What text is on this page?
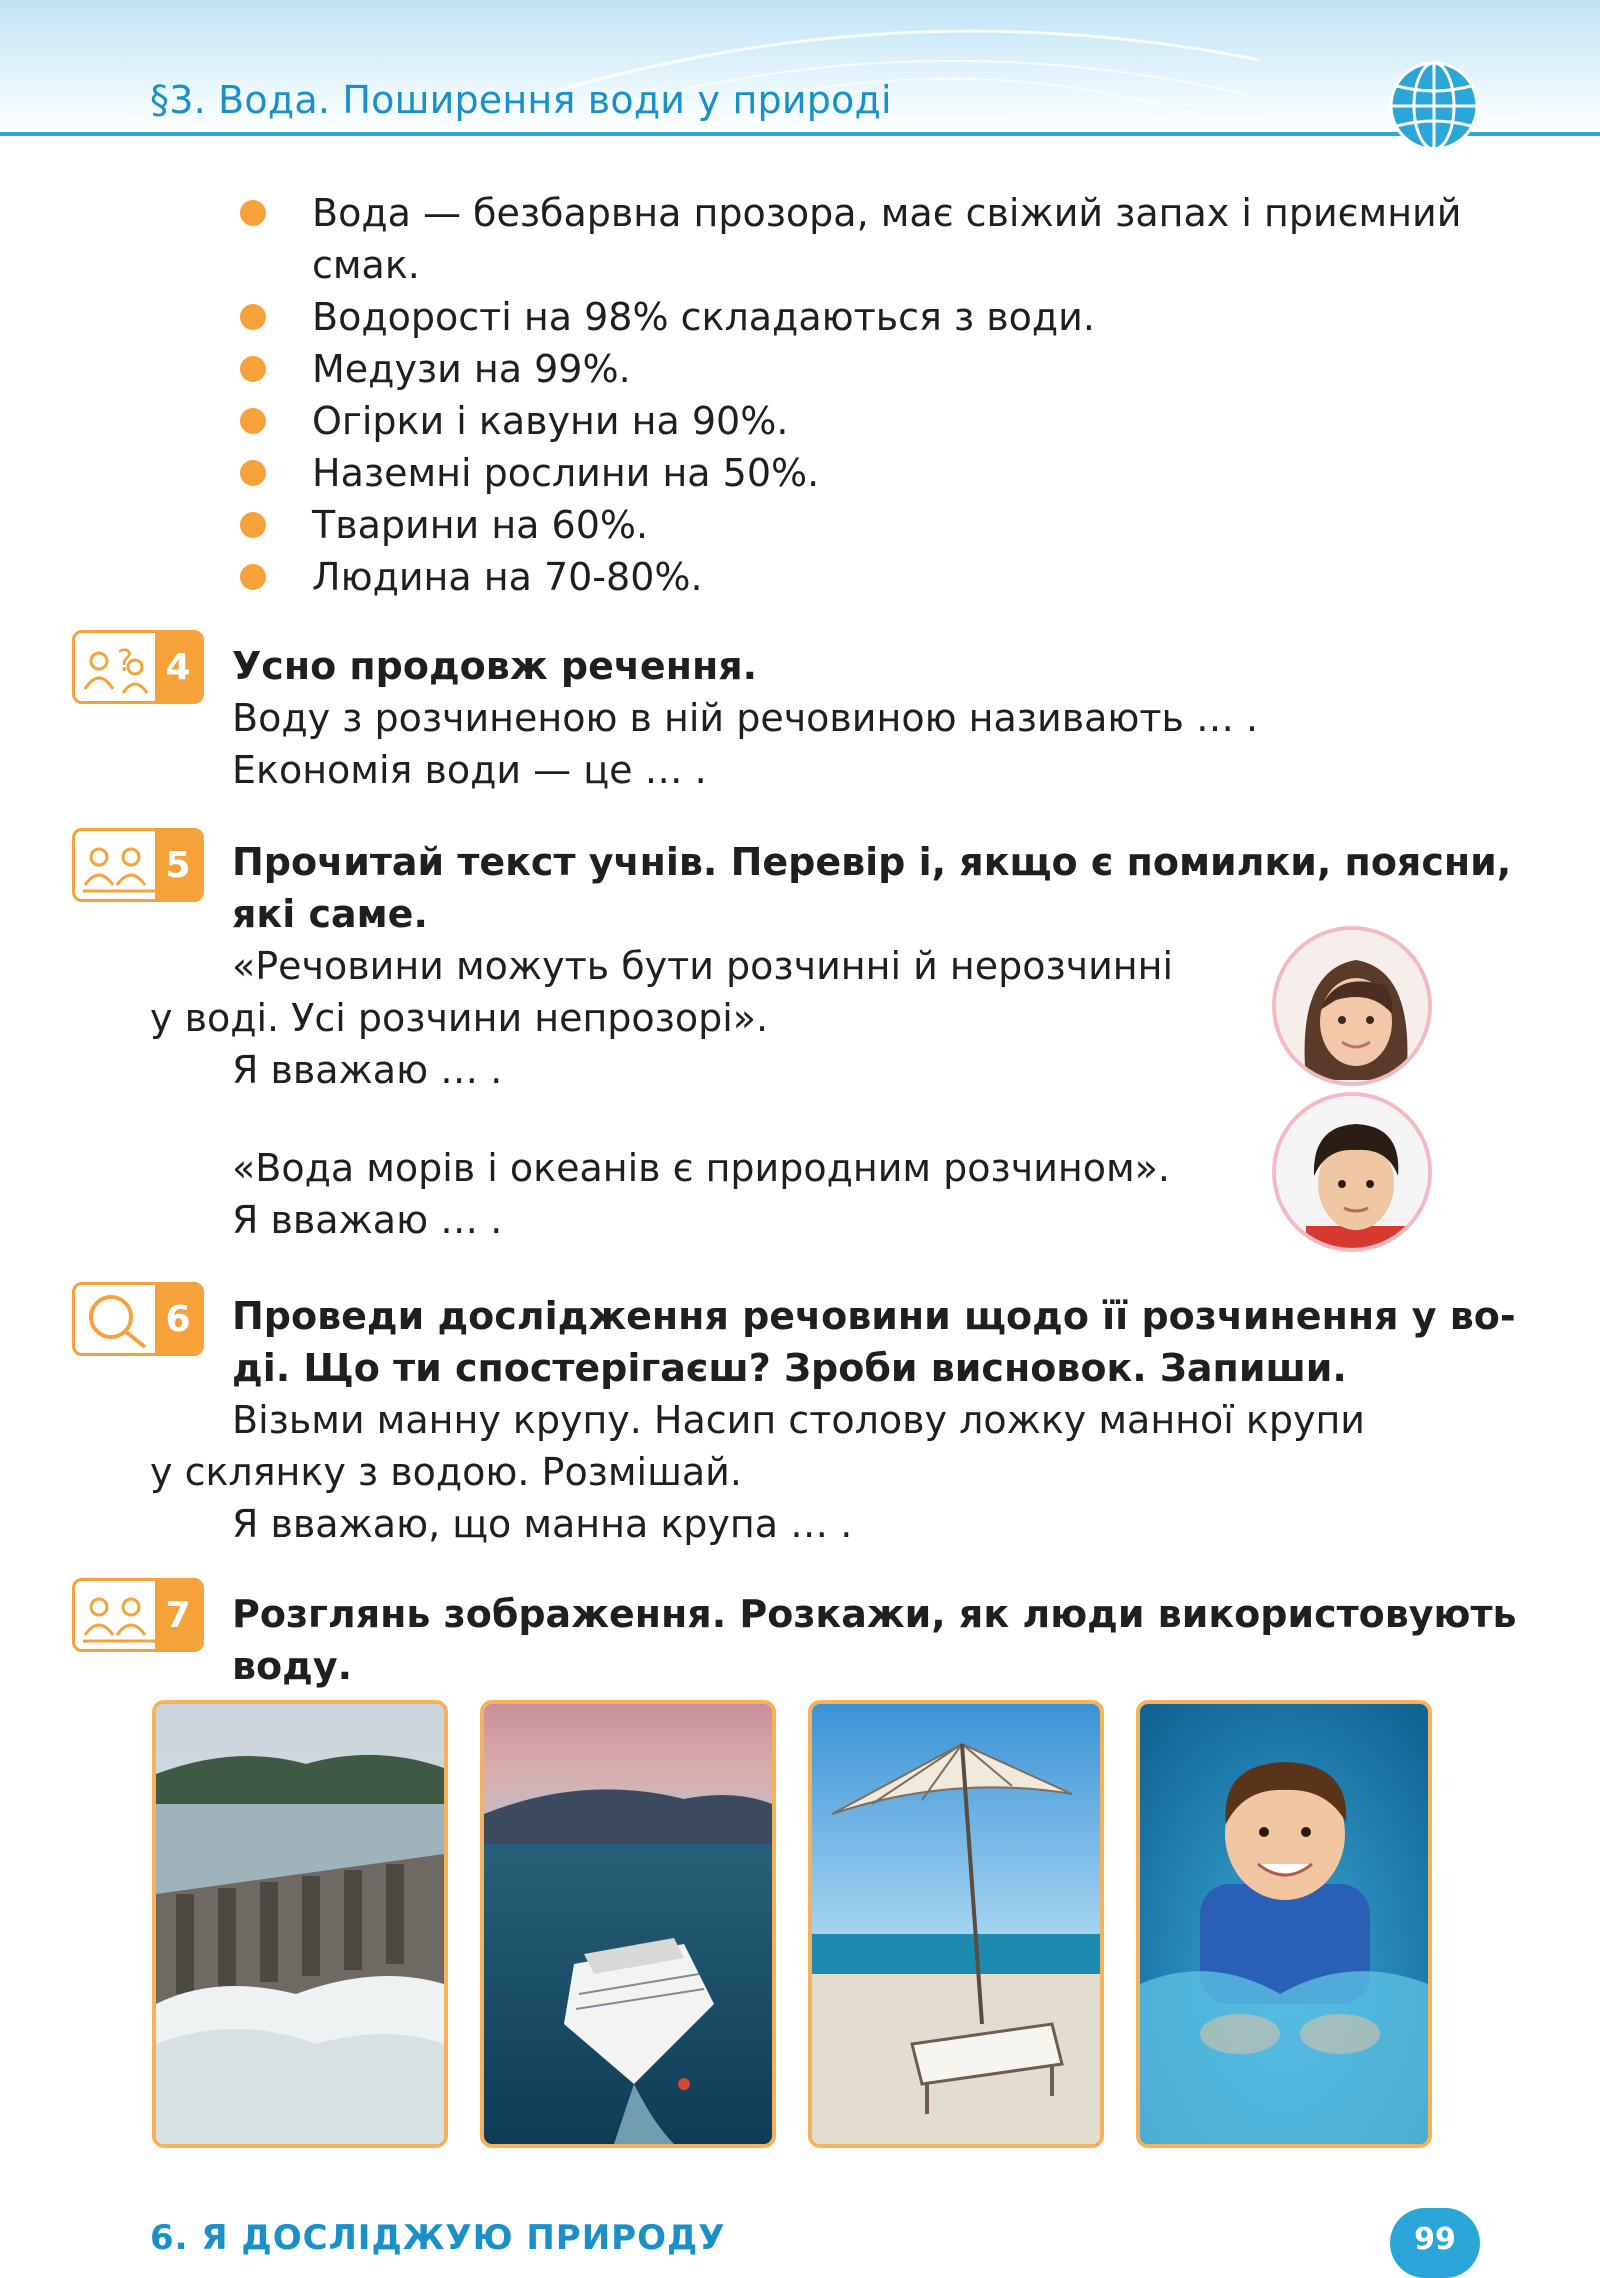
§3. Вода. Поширення води у природі
Вода — безбарвна прозора, має свіжий запах і приємний
смак.
Водорості на 98% складаються з води.
Медузи на 99%.
Огірки і кавуни на 90%.
Наземні рослини на 50%.
Тварини на 60%.
Людина на 70-80%.
? 4 Усно продовж речення.
Воду з розчиненою в ній речовиною називають … .
Економія води — це … .
5 Прочитай текст учнів. Перевір і, якщо є помилки, поясни,
які саме.
«Речовини можуть бути розчинні й нерозчинні
у воді. Усі розчини непрозорі».
Я вважаю … .
«Вода морів і океанів є природним розчином».
Я вважаю … .
6 Проведи дослідження речовини щодо її розчинення у во-
ді. Що ти спостерігаєш? Зроби висновок. Запиши.
Візьми манну крупу. Насип столову ложку манної крупи
у склянку з водою. Розмішай.
Я вважаю, що манна крупа … .
7 Розглянь зображення. Розкажи, як люди використовують
воду.
6. Я ДОСЛІДЖУЮ ПРИРОДУ	99
